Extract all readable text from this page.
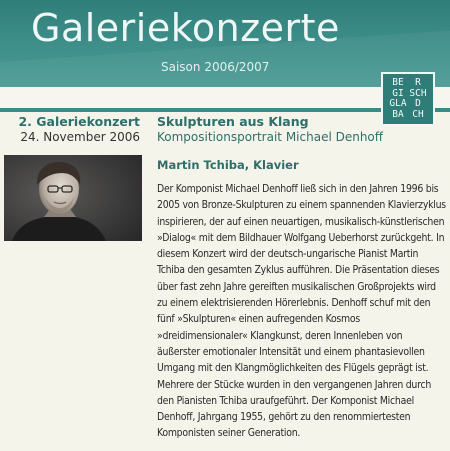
Galeriekonzerte
Saison 2006/2007
BE	R
GI SCH
GLA D
BA CH
2. Galeriekonzert
24. November 2006
Skulpturen aus Klang
Kompositionsportrait Michael Denhoff
Martin Tchiba, Klavier

Der Komponist Michael Denhoff ließ sich in den Jahren 1996 bis 2005 von Bronze-Skulpturen zu einem spannenden Klavierzyklus inspirieren, der auf einen neuartigen, musikalisch-künstlerischen »Dialog« mit dem Bildhauer Wolfgang Ueberhorst zurückgeht. In diesem Konzert wird der deutsch-ungarische Pianist Martin Tchiba den gesamten Zyklus aufführen. Die Präsentation dieses über fast zehn Jahre gereiften musikalischen Großprojekts wird zu einem elektrisierenden Hörerlebnis. Denhoff schuf mit den fünf »Skulpturen« einen aufregenden Kosmos »dreidimensionaler« Klangkunst, deren Innenleben von äußerster emotionaler Intensität und einem phantasievollen Umgang mit den Klangmöglichkeiten des Flügels geprägt ist. Mehrere der Stücke wurden in den vergangenen Jahren durch den Pianisten Tchiba uraufgeführt. Der Komponist Michael Denhoff, Jahrgang 1955, gehört zu den renommiertesten Komponisten seiner Generation.
